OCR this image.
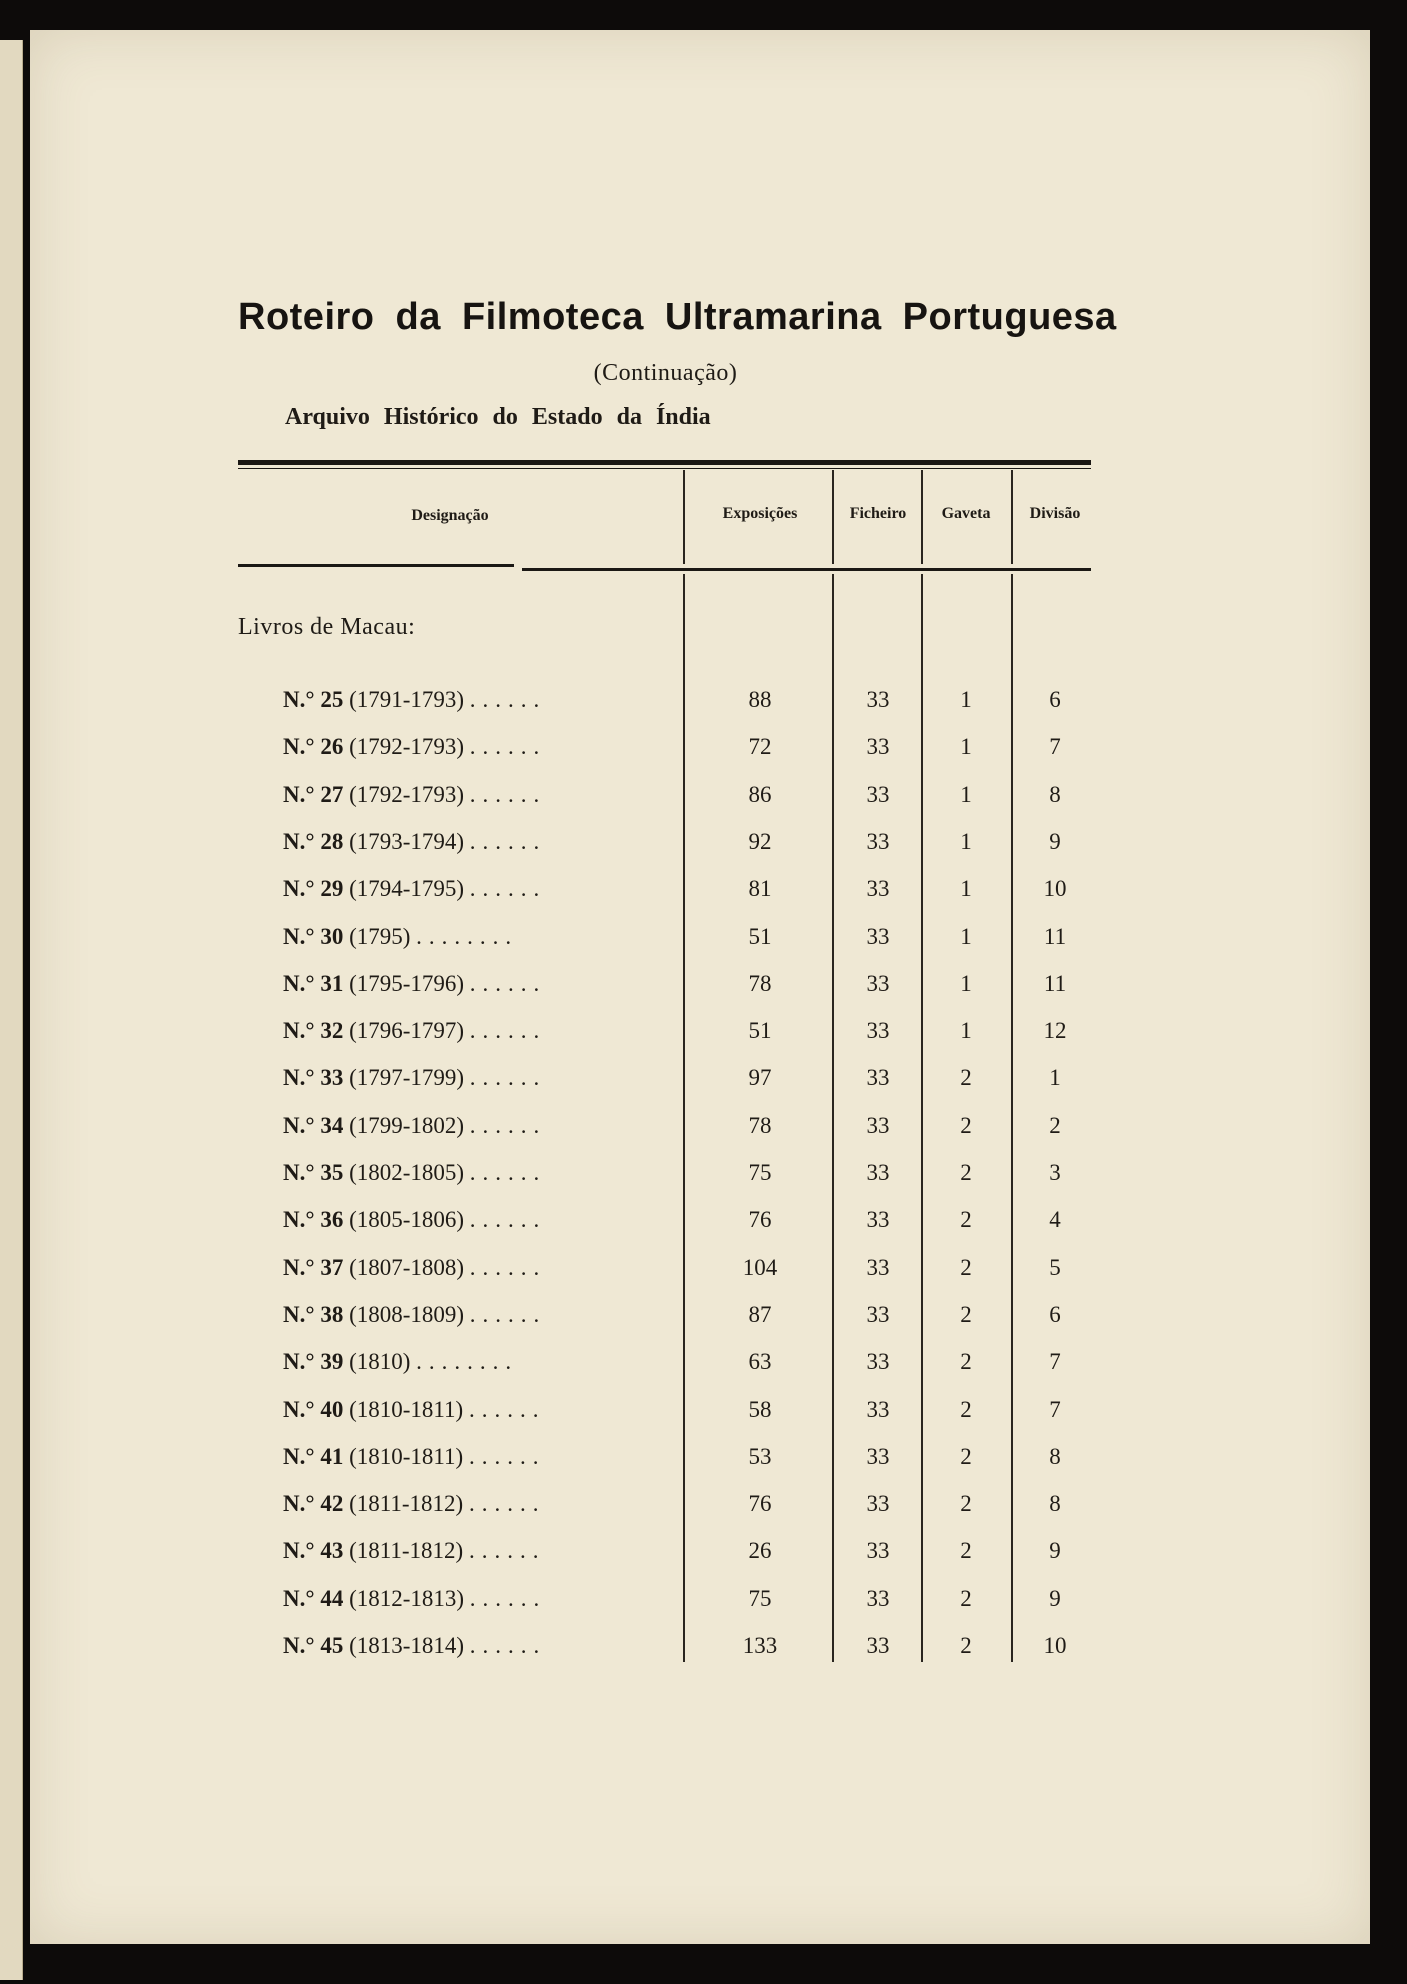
Roteiro da Filmoteca Ultramarina Portuguesa
(Continuação)
Arquivo Histórico do Estado da Índia
Designação	Exposições	Ficheiro	Gaveta	Divisão
Livros de Macau:
N.° 25 (1791-1793) ......	88	33	1	6
N.° 26 (1792-1793) ......	72	33	1	7
N.° 27 (1792-1793) ......	86	33	1	8
N.° 28 (1793-1794) ......	92	33	1	9
N.° 29 (1794-1795) ......	81	33	1	10
N.° 30 (1795) ........	51	33	1	11
N.° 31 (1795-1796) ......	78	33	1	11
N.° 32 (1796-1797) ......	51	33	1	12
N.° 33 (1797-1799) ......	97	33	2	1
N.° 34 (1799-1802) ......	78	33	2	2
N.° 35 (1802-1805) ......	75	33	2	3
N.° 36 (1805-1806) ......	76	33	2	4
N.° 37 (1807-1808) ......	104	33	2	5
N.° 38 (1808-1809) ......	87	33	2	6
N.° 39 (1810) ........	63	33	2	7
N.° 40 (1810-1811) ......	58	33	2	7
N.° 41 (1810-1811) ......	53	33	2	8
N.° 42 (1811-1812) ......	76	33	2	8
N.° 43 (1811-1812) ......	26	33	2	9
N.° 44 (1812-1813) ......	75	33	2	9
N.° 45 (1813-1814) ......	133	33	2	10
